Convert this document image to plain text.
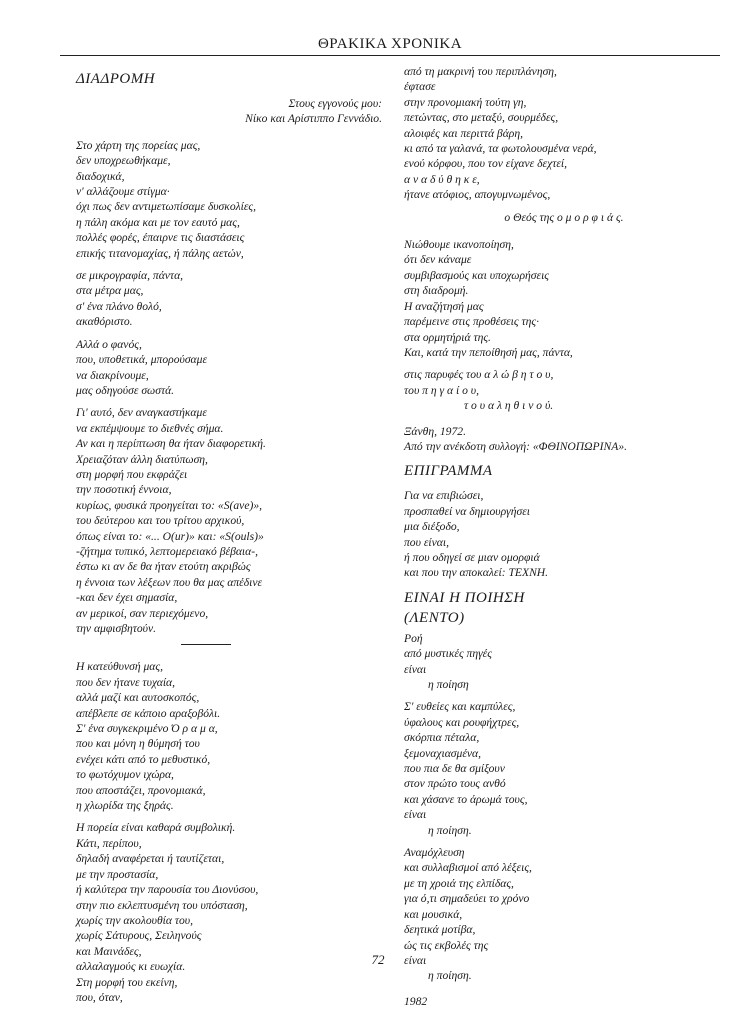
ΘΡΑΚΙΚΑ ΧΡΟΝΙΚΑ
ΔΙΑΔΡΟΜΗ
Στους εγγονούς μου:
Νίκο και Αρίστιππο Γεννάδιο.

Στο χάρτη της πορείας μας,
δεν υποχρεωθήκαμε,
διαδοχικά,
ν' αλλάζουμε στίγμα·
όχι πως δεν αντιμετωπίσαμε δυσκολίες,
η πάλη ακόμα και με τον εαυτό μας,
πολλές φορές, έπαιρνε τις διαστάσεις
επικής τιτανομαχίας, ή πάλης αετών,

σε μικρογραφία, πάντα,
στα μέτρα μας,
σ' ένα πλάνο θολό,
ακαθόριστο.

Αλλά ο φανός,
που, υποθετικά, μπορούσαμε
να διακρίνουμε,
μας οδηγούσε σωστά.

Γι' αυτό, δεν αναγκαστήκαμε
να εκπέμψουμε το διεθνές σήμα.
Αν και η περίπτωση θα ήταν διαφορετική.
Χρειαζόταν άλλη διατύπωση,
στη μορφή που εκφράζει
την ποσοτική έννοια,
κυρίως, φυσικά προηγείται το: «S(ave)»,
του δεύτερου και του τρίτου αρχικού,
όπως είναι το: «... O(ur)» και: «S(ouls)»
-ζήτημα τυπικό, λεπτομερειακό βέβαια-,
έστω κι αν δε θα ήταν ετούτη ακριβώς
η έννοια των λέξεων που θα μας απέδινε
-και δεν έχει σημασία,
αν μερικοί, σαν περιεχόμενο,
την αμφισβητούν.

Η κατεύθυνσή μας,
που δεν ήτανε τυχαία,
αλλά μαζί και αυτοσκοπός,
απέβλεπε σε κάποιο αραξοβόλι.
Σ' ένα συγκεκριμένο Ό ρ α μ α,
που και μόνη η θύμησή του
ενέχει κάτι από το μεθυστικό,
το φωτόχυμον ιχώρα,
που αποστάζει, προνομιακά,
η χλωρίδα της ξηράς.

Η πορεία είναι καθαρά συμβολική.
Κάτι, περίπου,
δηλαδή αναφέρεται ή ταυτίζεται,
με την προστασία,
ή καλύτερα την παρουσία του Διονύσου,
στην πιο εκλεπτυσμένη του υπόσταση,
χωρίς την ακολουθία του,
χωρίς Σάτυρους, Σειληνούς
και Μαινάδες,
αλλαλαγμούς κι ευωχία.
Στη μορφή του εκείνη,
που, όταν,

από τη μακρινή του περιπλάνηση,
έφτασε
στην προνομιακή τούτη γη,
πετώντας, στο μεταξύ, σουρμέδες,
αλοιφές και περιττά βάρη,
κι από τα γαλανά, τα φωτολουσμένα νερά,
ενού κόρφου, που τον είχανε δεχτεί,
α ν α δ ύ θ η κ ε,
ήτανε ατόφιος, απογυμνωμένος,

ο Θεός της ο μ ο ρ φ ι ά ς.

Νιώθουμε ικανοποίηση,
ότι δεν κάναμε
συμβιβασμούς και υποχωρήσεις
στη διαδρομή.
Η αναζήτησή μας
παρέμεινε στις προθέσεις της·
στα ορμητήριά της.
Και, κατά την πεποίθησή μας, πάντα,

στις παρυφές του α λ ώ β η τ ο υ,
του π η γ α ί ο υ,
τ ο υ α λ η θ ι ν ο ύ.

Ξάνθη, 1972.
Από την ανέκδοτη συλλογή: «ΦΘΙΝΟΠΩΡΙΝΑ».

ΕΠΙΓΡΑΜΜΑ

Για να επιβιώσει,
προσπαθεί να δημιουργήσει
μια διέξοδο,
που είναι,
ή που οδηγεί σε μιαν ομορφιά
και που την αποκαλεί: ΤΕΧΝΗ.

ΕΙΝΑΙ Η ΠΟΙΗΣΗ
(ΛΕΝΤΟ)

Ροή
από μυστικές πηγές
είναι
η ποίηση

Σ' ευθείες και καμπύλες,
ύφαλους και ρουφήχτρες,
σκόρπια πέταλα,
ξεμοναχιασμένα,
που πια δε θα σμίξουν
στον πρώτο τους ανθό
και χάσανε το άρωμά τους,
είναι
η ποίηση.

Αναμόχλευση
και συλλαβισμοί από λέξεις,
με τη χροιά της ελπίδας,
για ό,τι σημαδεύει το χρόνο
και μουσικά,
δεητικά μοτίβα,
ώς τις εκβολές της
είναι
η ποίηση.

1982

72
